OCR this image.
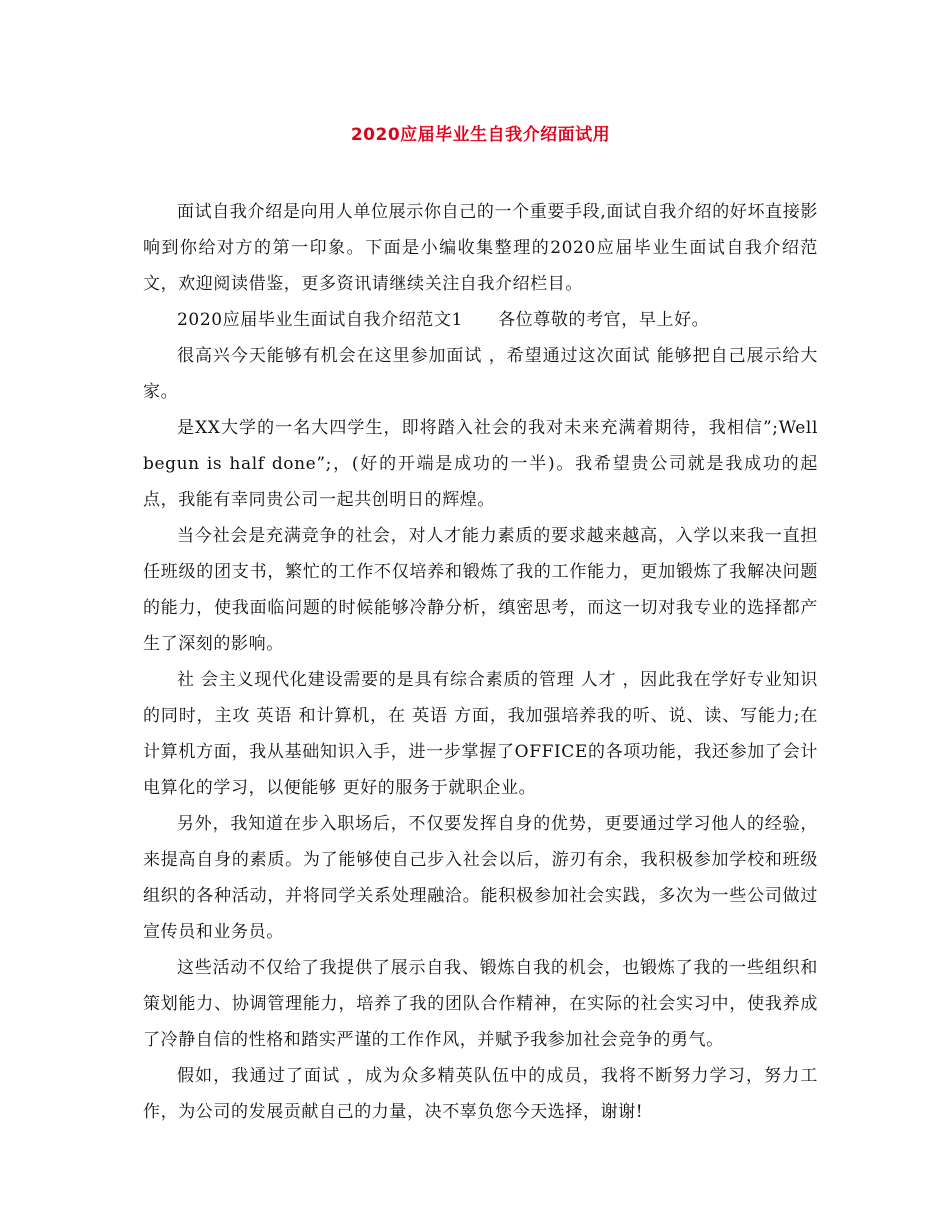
2020应届毕业生自我介绍面试用

面试自我介绍是向用人单位展示你自己的一个重要手段,面试自我介绍的好坏直接影响到你给对方的第一印象。下面是小编收集整理的2020应届毕业生面试自我介绍范文，欢迎阅读借鉴，更多资讯请继续关注自我介绍栏目。

2020应届毕业生面试自我介绍范文1　　各位尊敬的考官，早上好。

很高兴今天能够有机会在这里参加面试 ，希望通过这次面试 能够把自己展示给大家。

是XX大学的一名大四学生，即将踏入社会的我对未来充满着期待，我相信”;Well begun is half done”;，(好的开端是成功的一半)。我希望贵公司就是我成功的起点，我能有幸同贵公司一起共创明日的辉煌。

当今社会是充满竞争的社会，对人才能力素质的要求越来越高，入学以来我一直担任班级的团支书，繁忙的工作不仅培养和锻炼了我的工作能力，更加锻炼了我解决问题的能力，使我面临问题的时候能够冷静分析，缜密思考，而这一切对我专业的选择都产生了深刻的影响。

社 会主义现代化建设需要的是具有综合素质的管理 人才 ，因此我在学好专业知识的同时，主攻 英语 和计算机，在 英语 方面，我加强培养我的听、说、读、写能力;在计算机方面，我从基础知识入手，进一步掌握了OFFICE的各项功能，我还参加了会计电算化的学习，以便能够 更好的服务于就职企业。

另外，我知道在步入职场后，不仅要发挥自身的优势，更要通过学习他人的经验，来提高自身的素质。为了能够使自己步入社会以后，游刃有余，我积极参加学校和班级组织的各种活动，并将同学关系处理融洽。能积极参加社会实践，多次为一些公司做过宣传员和业务员。

这些活动不仅给了我提供了展示自我、锻炼自我的机会，也锻炼了我的一些组织和策划能力、协调管理能力，培养了我的团队合作精神，在实际的社会实习中，使我养成了冷静自信的性格和踏实严谨的工作作风，并赋予我参加社会竞争的勇气。

假如，我通过了面试 ，成为众多精英队伍中的成员，我将不断努力学习，努力工作，为公司的发展贡献自己的力量，决不辜负您今天选择，谢谢!
